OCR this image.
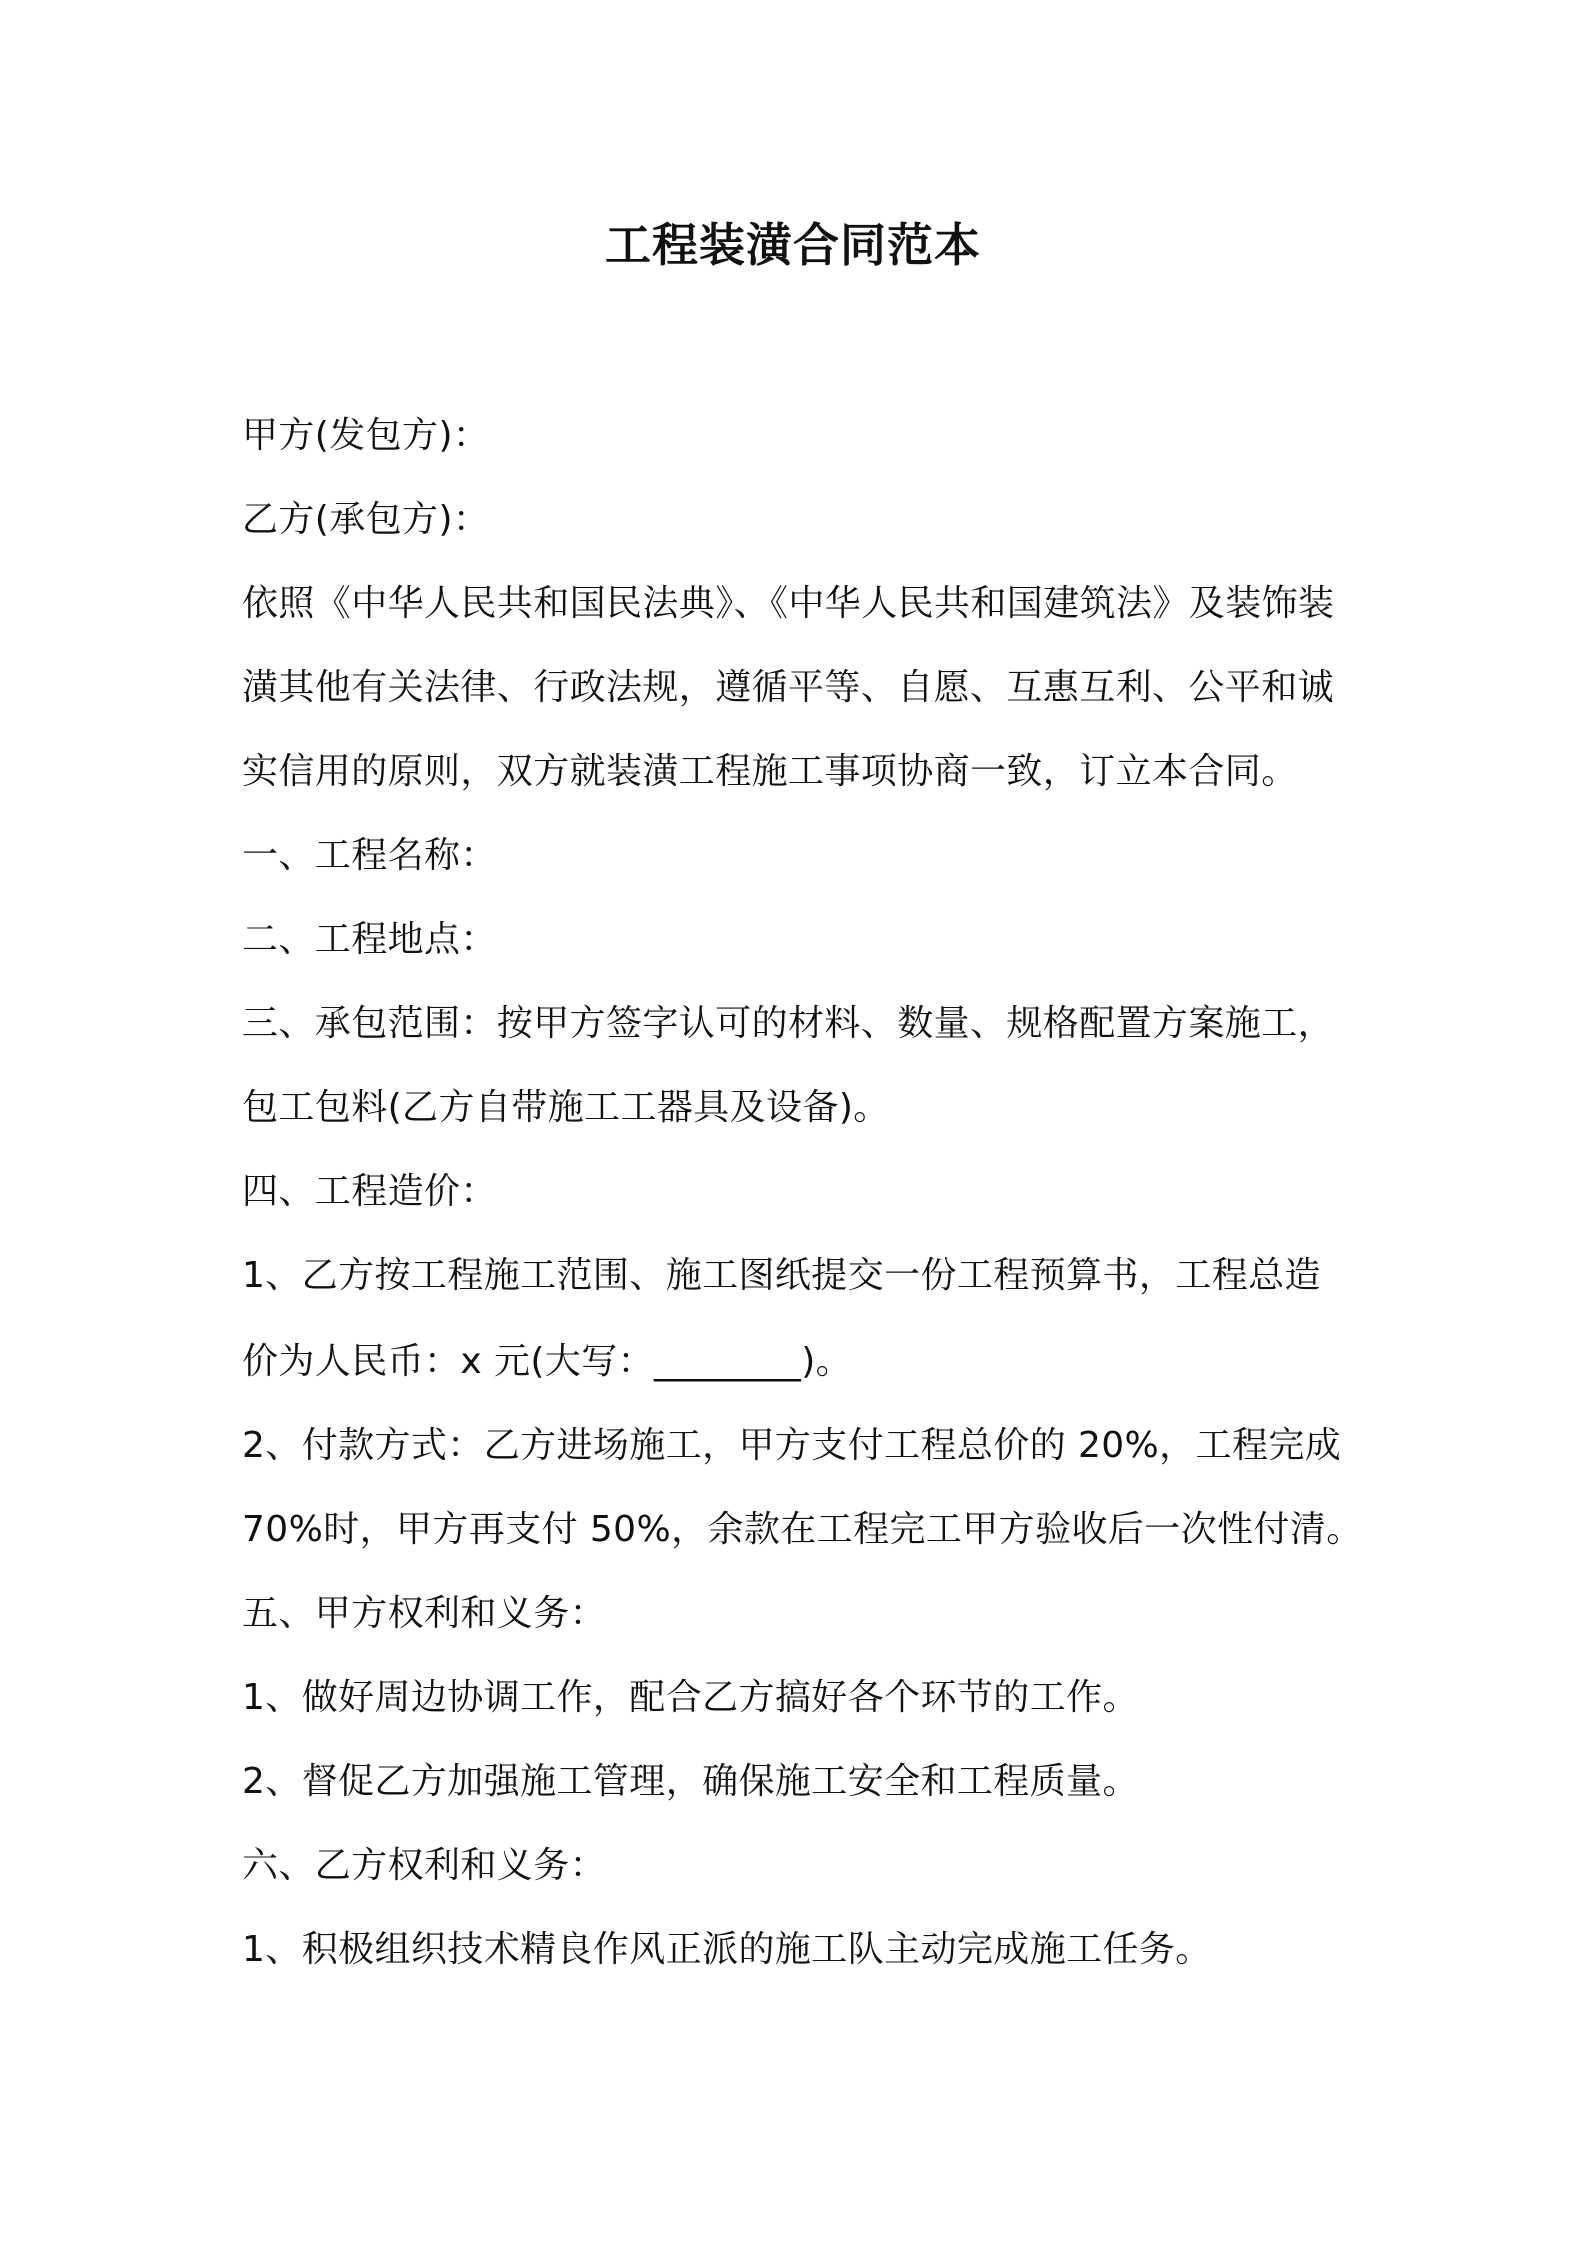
工程装潢合同范本
甲方(发包方)：
乙方(承包方)：
依照《中华人民共和国民法典》、《中华人民共和国建筑法》及装饰装
潢其他有关法律、行政法规，遵循平等、自愿、互惠互利、公平和诚
实信用的原则，双方就装潢工程施工事项协商一致，订立本合同。
一、工程名称：
二、工程地点：
三、承包范围：按甲方签字认可的材料、数量、规格配置方案施工，
包工包料(乙方自带施工工器具及设备)。
四、工程造价：
1、乙方按工程施工范围、施工图纸提交一份工程预算书，工程总造
价为人民币：x 元(大写：________)。
2、付款方式：乙方进场施工，甲方支付工程总价的 20%，工程完成
70%时，甲方再支付 50%，余款在工程完工甲方验收后一次性付清。
五、甲方权利和义务：
1、做好周边协调工作，配合乙方搞好各个环节的工作。
2、督促乙方加强施工管理，确保施工安全和工程质量。
六、乙方权利和义务：
1、积极组织技术精良作风正派的施工队主动完成施工任务。
